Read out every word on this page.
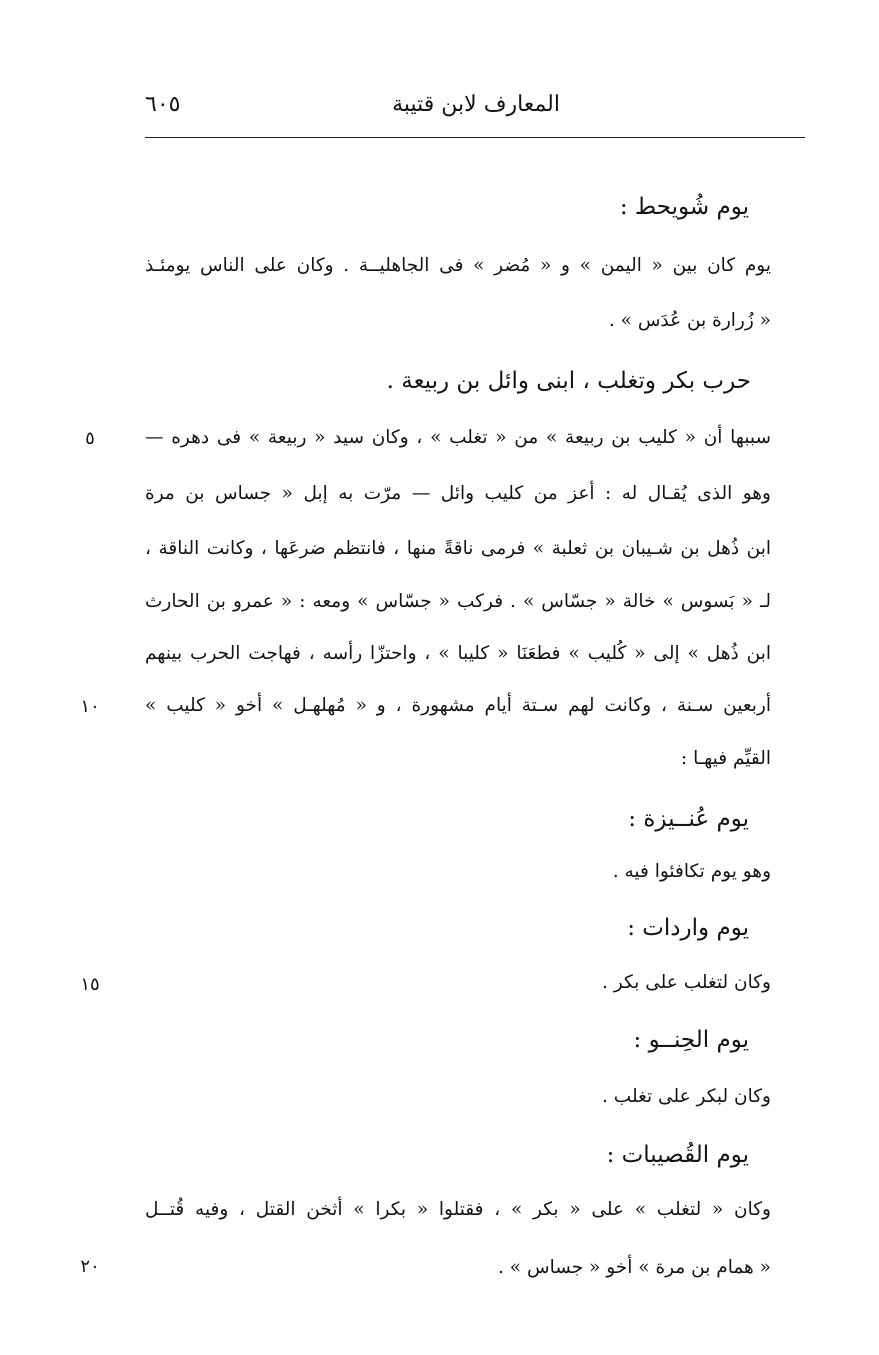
المعارف لابن قتيبة
٦٠٥
يوم شُويحط :
يوم كان بين « اليمن » و « مُضر » فى الجاهليــة . وكان على الناس يومئـذ
« زُرارة بن عُدَس » .
حرب بكر وتغلب ، ابنى وائل بن ربيعة .
سببها أن « كليب بن ربيعة » من « تغلب » ، وكان سيد « ربيعة » فى دهره —
وهو الذى يُقـال له : أعز من كليب وائل — مرّت به إبل « جساس بن مرة
ابن ذُهل بن شـيبان بن ثعلبة » فرمى ناقةً منها ، فانتظم ضرعَها ، وكانت الناقة ،
لـ « بَسوس » خالة « جسّاس » . فركب « جسّاس » ومعه : « عمرو بن الحارث
ابن ذُهل » إلى « كُليب » فطعَنَا « كليبا » ، واحتزّا رأسه ، فهاجت الحرب بينهم
أربعين سـنة ، وكانت لهم سـتة أيام مشهورة ، و « مُهلهـل » أخو « كليب »
القيِّم فيهـا :
يوم عُنــيزة :
وهو يوم تكافئوا فيه .
يوم واردات :
وكان لتغلب على بكر .
يوم الحِنــو :
وكان لبكر على تغلب .
يوم القُصيبات :
وكان « لتغلب » على « بكر » ، فقتلوا « بكرا » أثخن القتل ، وفيه قُتــل
« همام بن مرة » أخو « جساس » .
٥
١٠
١٥
٢٠
